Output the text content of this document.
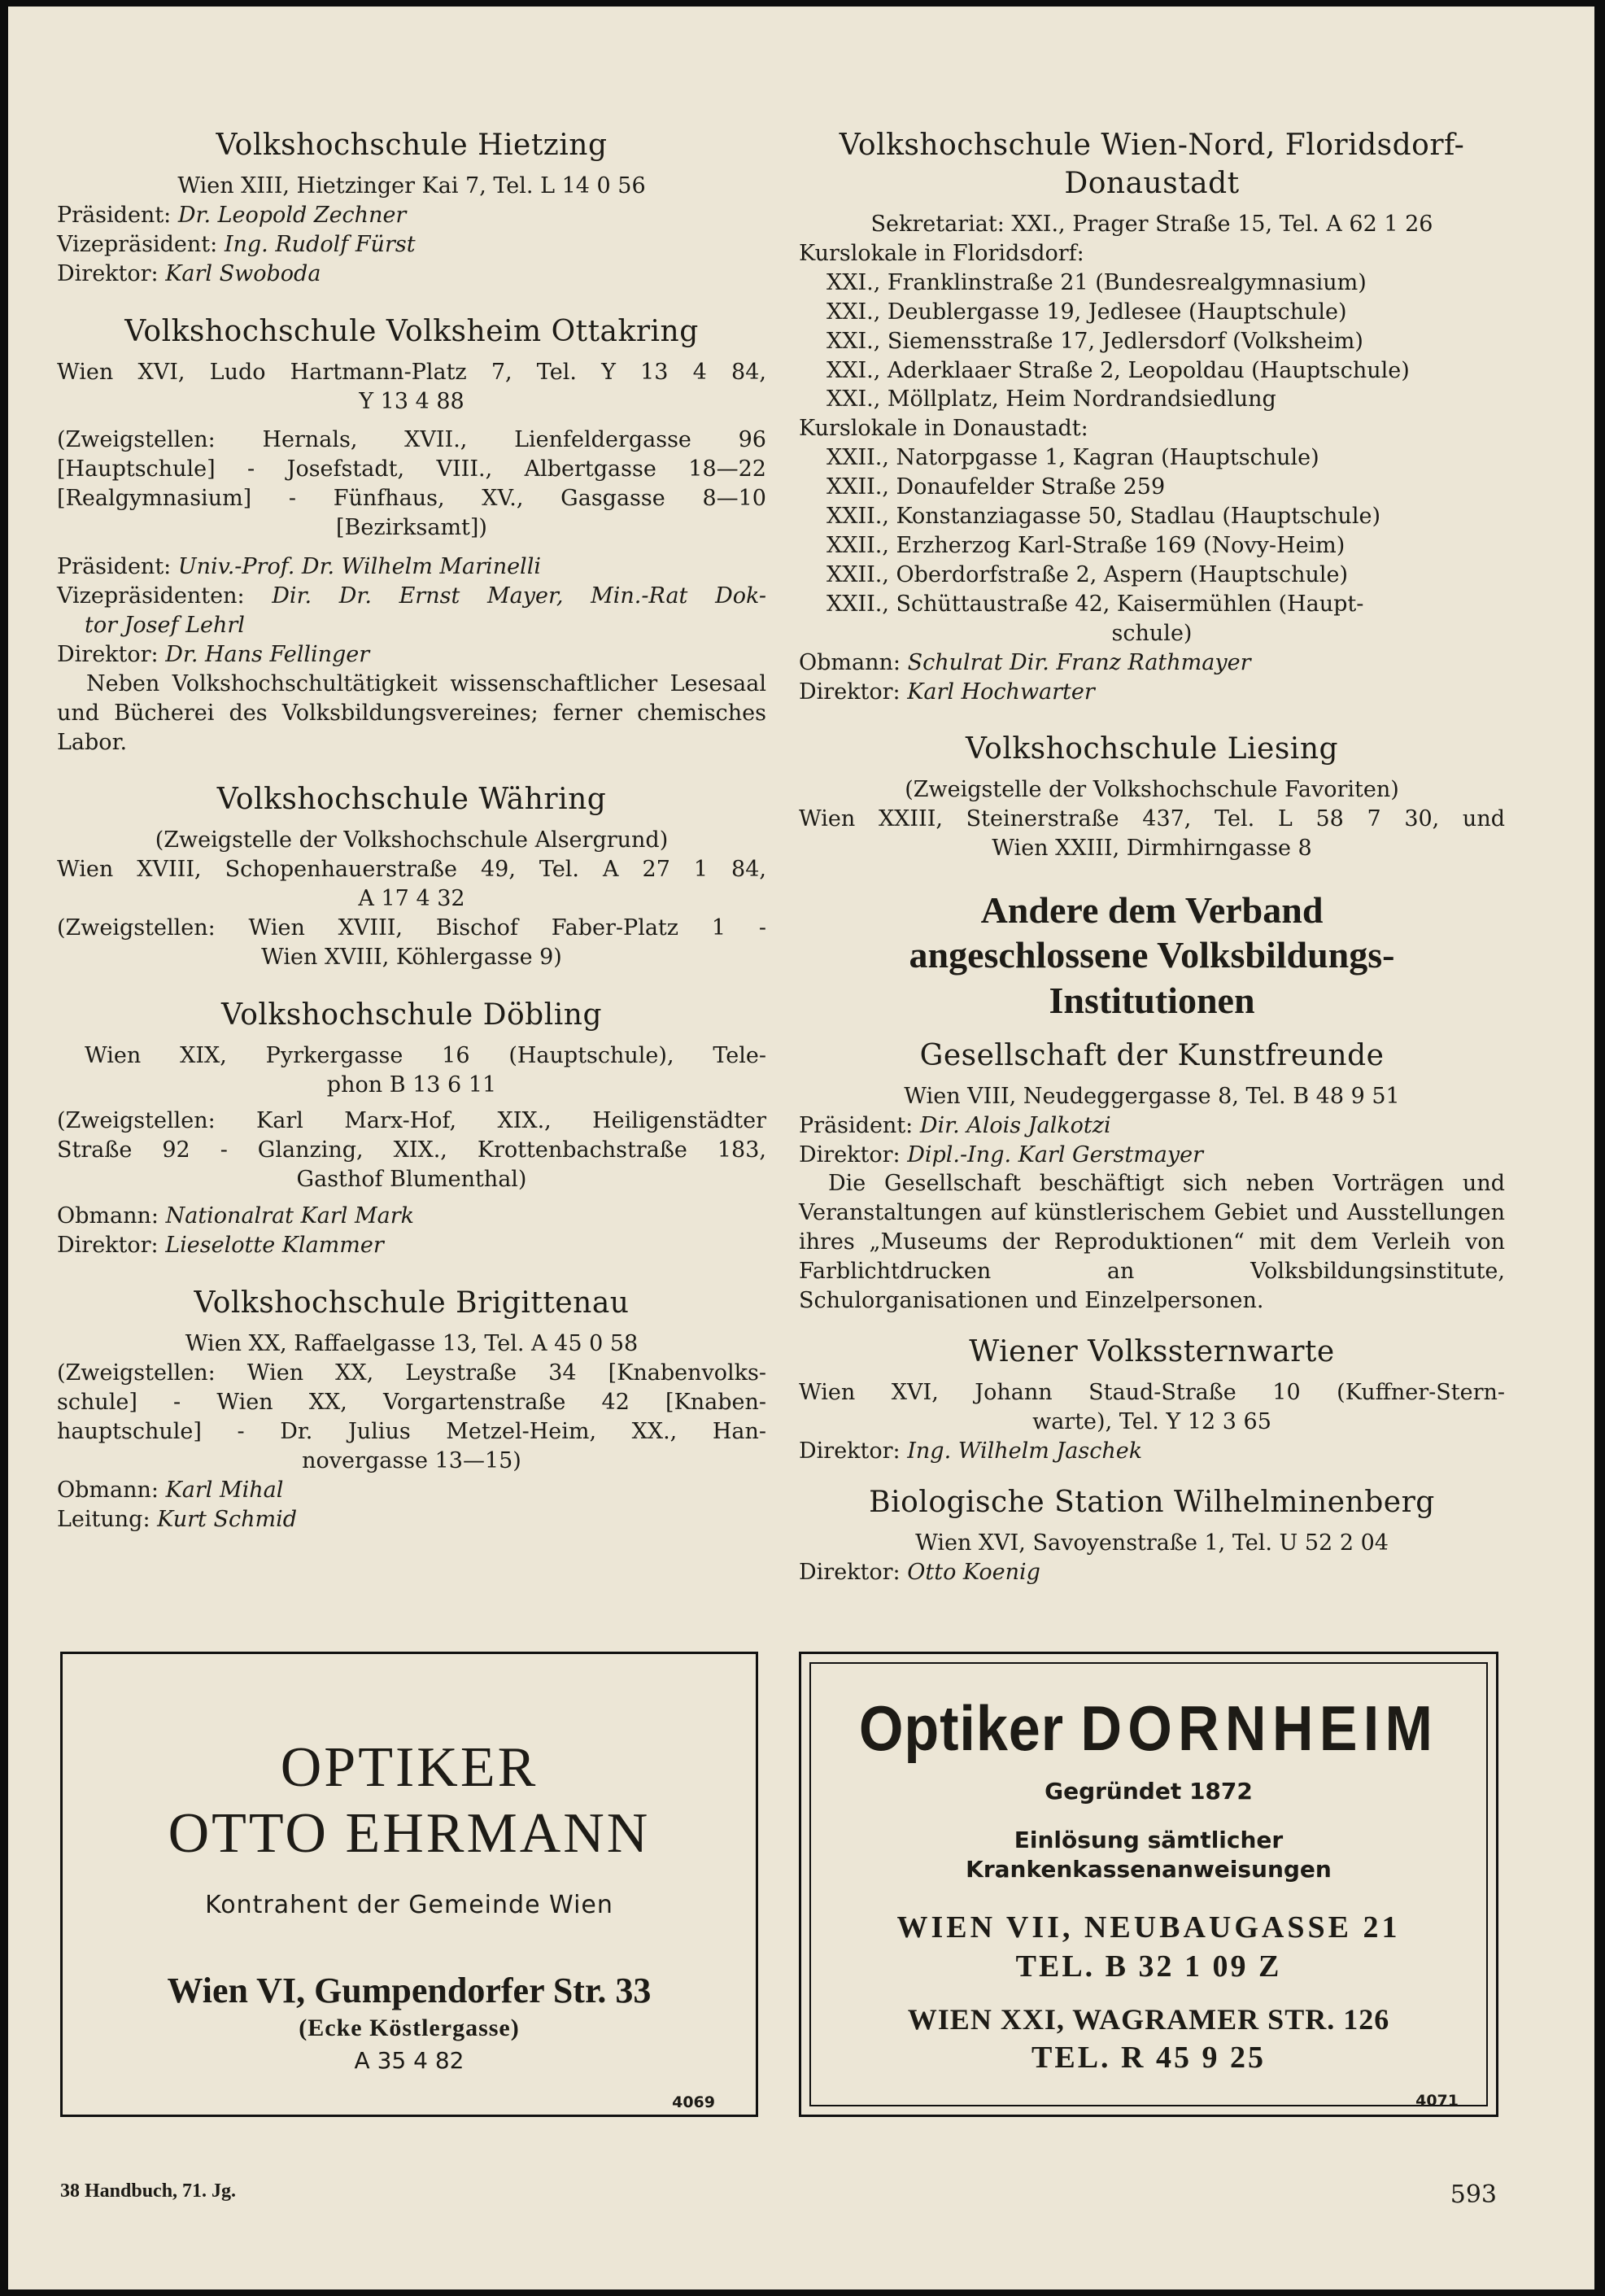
Volkshochschule Hietzing
Wien XIII, Hietzinger Kai 7, Tel. L 14 0 56
Präsident: Dr. Leopold Zechner
Vizepräsident: Ing. Rudolf Fürst
Direktor: Karl Swoboda
Volkshochschule Volksheim Ottakring
Wien XVI, Ludo Hartmann-Platz 7, Tel. Y 13 4 84,
Y 13 4 88
(Zweigstellen: Hernals, XVII., Lienfeldergasse 96
[Hauptschule] - Josefstadt, VIII., Albertgasse 18—22
[Realgymnasium] - Fünfhaus, XV., Gasgasse 8—10
[Bezirksamt])
Präsident: Univ.-Prof. Dr. Wilhelm Marinelli
Vizepräsidenten: Dir. Dr. Ernst Mayer, Min.-Rat Dok-
tor Josef Lehrl
Direktor: Dr. Hans Fellinger
Neben Volkshochschultätigkeit wissenschaftlicher Lesesaal und Bücherei des Volksbildungsvereines; ferner chemisches Labor.
Volkshochschule Währing
(Zweigstelle der Volkshochschule Alsergrund)
Wien XVIII, Schopenhauerstraße 49, Tel. A 27 1 84,
A 17 4 32
(Zweigstellen: Wien XVIII, Bischof Faber-Platz 1 -
Wien XVIII, Köhlergasse 9)
Volkshochschule Döbling
Wien XIX, Pyrkergasse 16 (Hauptschule), Tele-
phon B 13 6 11
(Zweigstellen: Karl Marx-Hof, XIX., Heiligenstädter
Straße 92 - Glanzing, XIX., Krottenbachstraße 183,
Gasthof Blumenthal)
Obmann: Nationalrat Karl Mark
Direktor: Lieselotte Klammer
Volkshochschule Brigittenau
Wien XX, Raffaelgasse 13, Tel. A 45 0 58
(Zweigstellen: Wien XX, Leystraße 34 [Knabenvolks-
schule] - Wien XX, Vorgartenstraße 42 [Knaben-
hauptschule] - Dr. Julius Metzel-Heim, XX., Han-
novergasse 13—15)
Obmann: Karl Mihal
Leitung: Kurt Schmid
Volkshochschule Wien-Nord, Floridsdorf-
Donaustadt
Sekretariat: XXI., Prager Straße 15, Tel. A 62 1 26
Kurslokale in Floridsdorf:
XXI., Franklinstraße 21 (Bundesrealgymnasium)
XXI., Deublergasse 19, Jedlesee (Hauptschule)
XXI., Siemensstraße 17, Jedlersdorf (Volksheim)
XXI., Aderklaaer Straße 2, Leopoldau (Hauptschule)
XXI., Möllplatz, Heim Nordrandsiedlung
Kurslokale in Donaustadt:
XXII., Natorpgasse 1, Kagran (Hauptschule)
XXII., Donaufelder Straße 259
XXII., Konstanziagasse 50, Stadlau (Hauptschule)
XXII., Erzherzog Karl-Straße 169 (Novy-Heim)
XXII., Oberdorfstraße 2, Aspern (Hauptschule)
XXII., Schüttaustraße 42, Kaisermühlen (Haupt-
schule)
Obmann: Schulrat Dir. Franz Rathmayer
Direktor: Karl Hochwarter
Volkshochschule Liesing
(Zweigstelle der Volkshochschule Favoriten)
Wien XXIII, Steinerstraße 437, Tel. L 58 7 30, und
Wien XXIII, Dirmhirngasse 8
Andere dem Verband
angeschlossene Volksbildungs-
Institutionen
Gesellschaft der Kunstfreunde
Wien VIII, Neudeggergasse 8, Tel. B 48 9 51
Präsident: Dir. Alois Jalkotzi
Direktor: Dipl.-Ing. Karl Gerstmayer
Die Gesellschaft beschäftigt sich neben Vorträgen und Veranstaltungen auf künstlerischem Gebiet und Ausstellungen ihres „Museums der Reproduktionen“ mit dem Verleih von Farblichtdrucken an Volksbildungsinstitute, Schulorganisationen und Einzelpersonen.
Wiener Volkssternwarte
Wien XVI, Johann Staud-Straße 10 (Kuffner-Stern-
warte), Tel. Y 12 3 65
Direktor: Ing. Wilhelm Jaschek
Biologische Station Wilhelminenberg
Wien XVI, Savoyenstraße 1, Tel. U 52 2 04
Direktor: Otto Koenig
OPTIKER
OTTO EHRMANN
Kontrahent der Gemeinde Wien
Wien VI, Gumpendorfer Str. 33
(Ecke Köstlergasse)
A 35 4 82
4069
Optiker DORNHEIM
Gegründet 1872
Einlösung sämtlicher Krankenkassenanweisungen
WIEN VII, NEUBAUGASSE 21
TEL. B 32 1 09 Z
WIEN XXI, WAGRAMER STR. 126
TEL. R 45 9 25
4071
38 Handbuch, 71. Jg.	593
